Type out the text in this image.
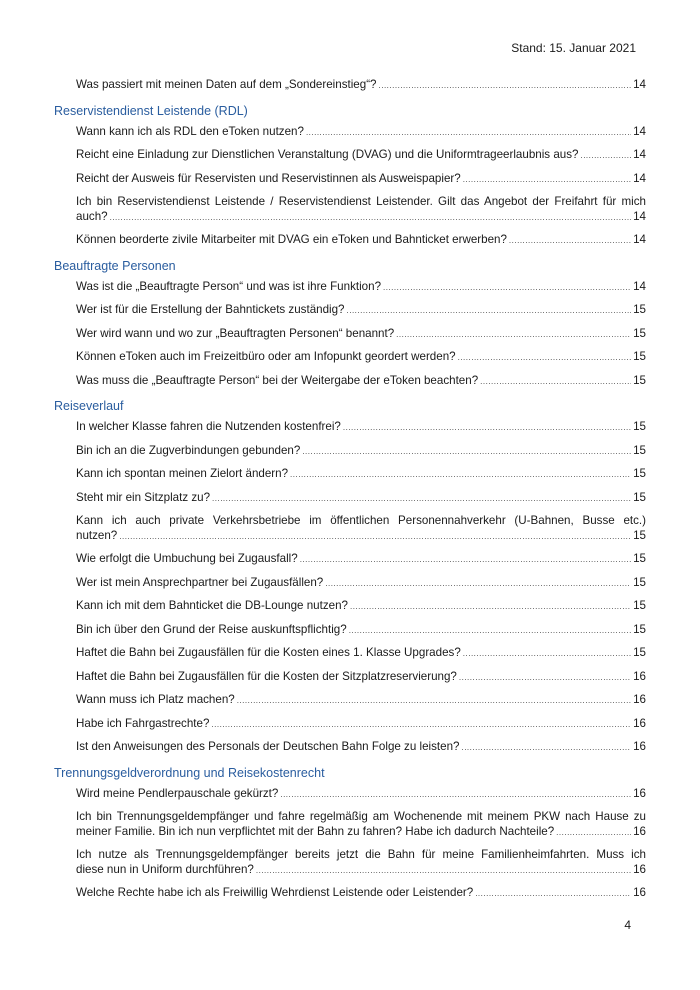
Stand: 15. Januar 2021
Was passiert mit meinen Daten auf dem „Sondereinstieg“? .....	14
Reservistendienst Leistende (RDL)
Wann kann ich als RDL den eToken nutzen? .....	14
Reicht eine Einladung zur Dienstlichen Veranstaltung (DVAG) und die Uniformtrageerlaubnis aus? .....	14
Reicht der Ausweis für Reservisten und Reservistinnen als Ausweispapier? .....	14
Ich bin Reservistendienst Leistende / Reservistendienst Leistender. Gilt das Angebot der Freifahrt für mich
auch? .....	14
Können beorderte zivile Mitarbeiter mit DVAG ein eToken und Bahnticket erwerben? .....	14
Beauftragte Personen
Was ist die „Beauftragte Person“ und was ist ihre Funktion? .....	14
Wer ist für die Erstellung der Bahntickets zuständig? .....	15
Wer wird wann und wo zur „Beauftragten Personen“ benannt? .....	15
Können eToken auch im Freizeitbüro oder am Infopunkt geordert werden? .....	15
Was muss die „Beauftragte Person“ bei der Weitergabe der eToken beachten? .....	15
Reiseverlauf
In welcher Klasse fahren die Nutzenden kostenfrei? .....	15
Bin ich an die Zugverbindungen gebunden? .....	15
Kann ich spontan meinen Zielort ändern? .....	15
Steht mir ein Sitzplatz zu? .....	15
Kann ich auch private Verkehrsbetriebe im öffentlichen Personennahverkehr (U-Bahnen, Busse etc.)
nutzen? .....	15
Wie erfolgt die Umbuchung bei Zugausfall? .....	15
Wer ist mein Ansprechpartner bei Zugausfällen? .....	15
Kann ich mit dem Bahnticket die DB-Lounge nutzen? .....	15
Bin ich über den Grund der Reise auskunftspflichtig? .....	15
Haftet die Bahn bei Zugausfällen für die Kosten eines 1. Klasse Upgrades? .....	15
Haftet die Bahn bei Zugausfällen für die Kosten der Sitzplatzreservierung? .....	16
Wann muss ich Platz machen? .....	16
Habe ich Fahrgastrechte? .....	16
Ist den Anweisungen des Personals der Deutschen Bahn Folge zu leisten? .....	16
Trennungsgeldverordnung und Reisekostenrecht
Wird meine Pendlerpauschale gekürzt? .....	16
Ich bin Trennungsgeldempfänger und fahre regelmäßig am Wochenende mit meinem PKW nach Hause zu
meiner Familie. Bin ich nun verpflichtet mit der Bahn zu fahren? Habe ich dadurch Nachteile? .....	16
Ich nutze als Trennungsgeldempfänger bereits jetzt die Bahn für meine Familienheimfahrten. Muss ich
diese nun in Uniform durchführen? .....	16
Welche Rechte habe ich als Freiwillig Wehrdienst Leistende oder Leistender? .....	16
4
